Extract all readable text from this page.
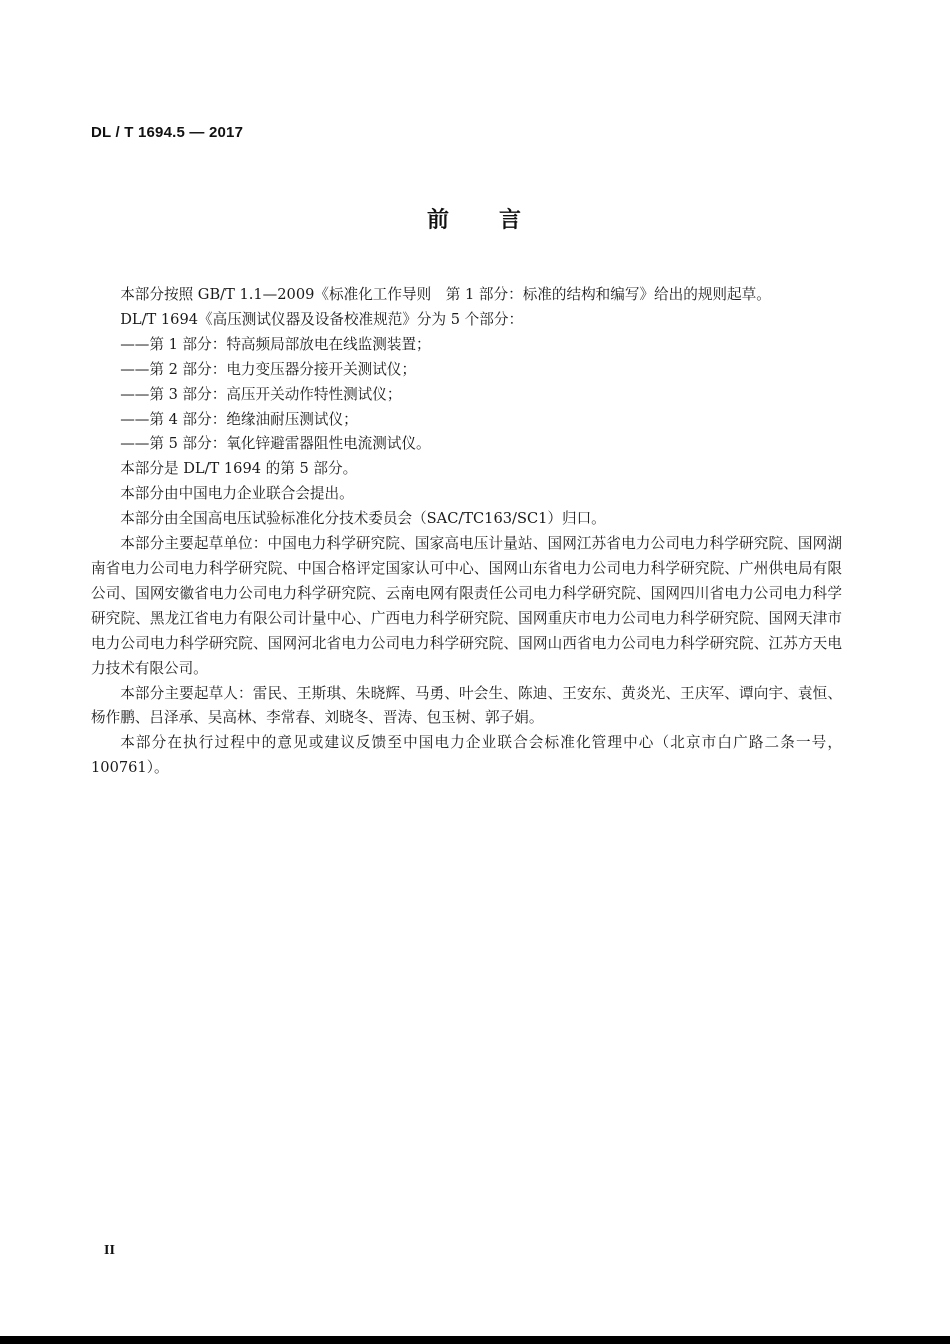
DL / T 1694.5 — 2017
前　　言

本部分按照 GB/T 1.1—2009《标准化工作导则　第 1 部分：标准的结构和编写》给出的规则起草。

DL/T 1694《高压测试仪器及设备校准规范》分为 5 个部分：

——第 1 部分：特高频局部放电在线监测装置；

——第 2 部分：电力变压器分接开关测试仪；

——第 3 部分：高压开关动作特性测试仪；

——第 4 部分：绝缘油耐压测试仪；

——第 5 部分：氧化锌避雷器阻性电流测试仪。

本部分是 DL/T 1694 的第 5 部分。

本部分由中国电力企业联合会提出。

本部分由全国高电压试验标准化分技术委员会（SAC/TC163/SC1）归口。

本部分主要起草单位：中国电力科学研究院、国家高电压计量站、国网江苏省电力公司电力科学研究院、国网湖南省电力公司电力科学研究院、中国合格评定国家认可中心、国网山东省电力公司电力科学研究院、广州供电局有限公司、国网安徽省电力公司电力科学研究院、云南电网有限责任公司电力科学研究院、国网四川省电力公司电力科学研究院、黑龙江省电力有限公司计量中心、广西电力科学研究院、国网重庆市电力公司电力科学研究院、国网天津市电力公司电力科学研究院、国网河北省电力公司电力科学研究院、国网山西省电力公司电力科学研究院、江苏方天电力技术有限公司。

本部分主要起草人：雷民、王斯琪、朱晓辉、马勇、叶会生、陈迪、王安东、黄炎光、王庆军、谭向宇、袁恒、杨作鹏、吕泽承、吴高林、李常春、刘晓冬、晋涛、包玉树、郭子娟。

本部分在执行过程中的意见或建议反馈至中国电力企业联合会标准化管理中心（北京市白广路二条一号，100761）。

II
